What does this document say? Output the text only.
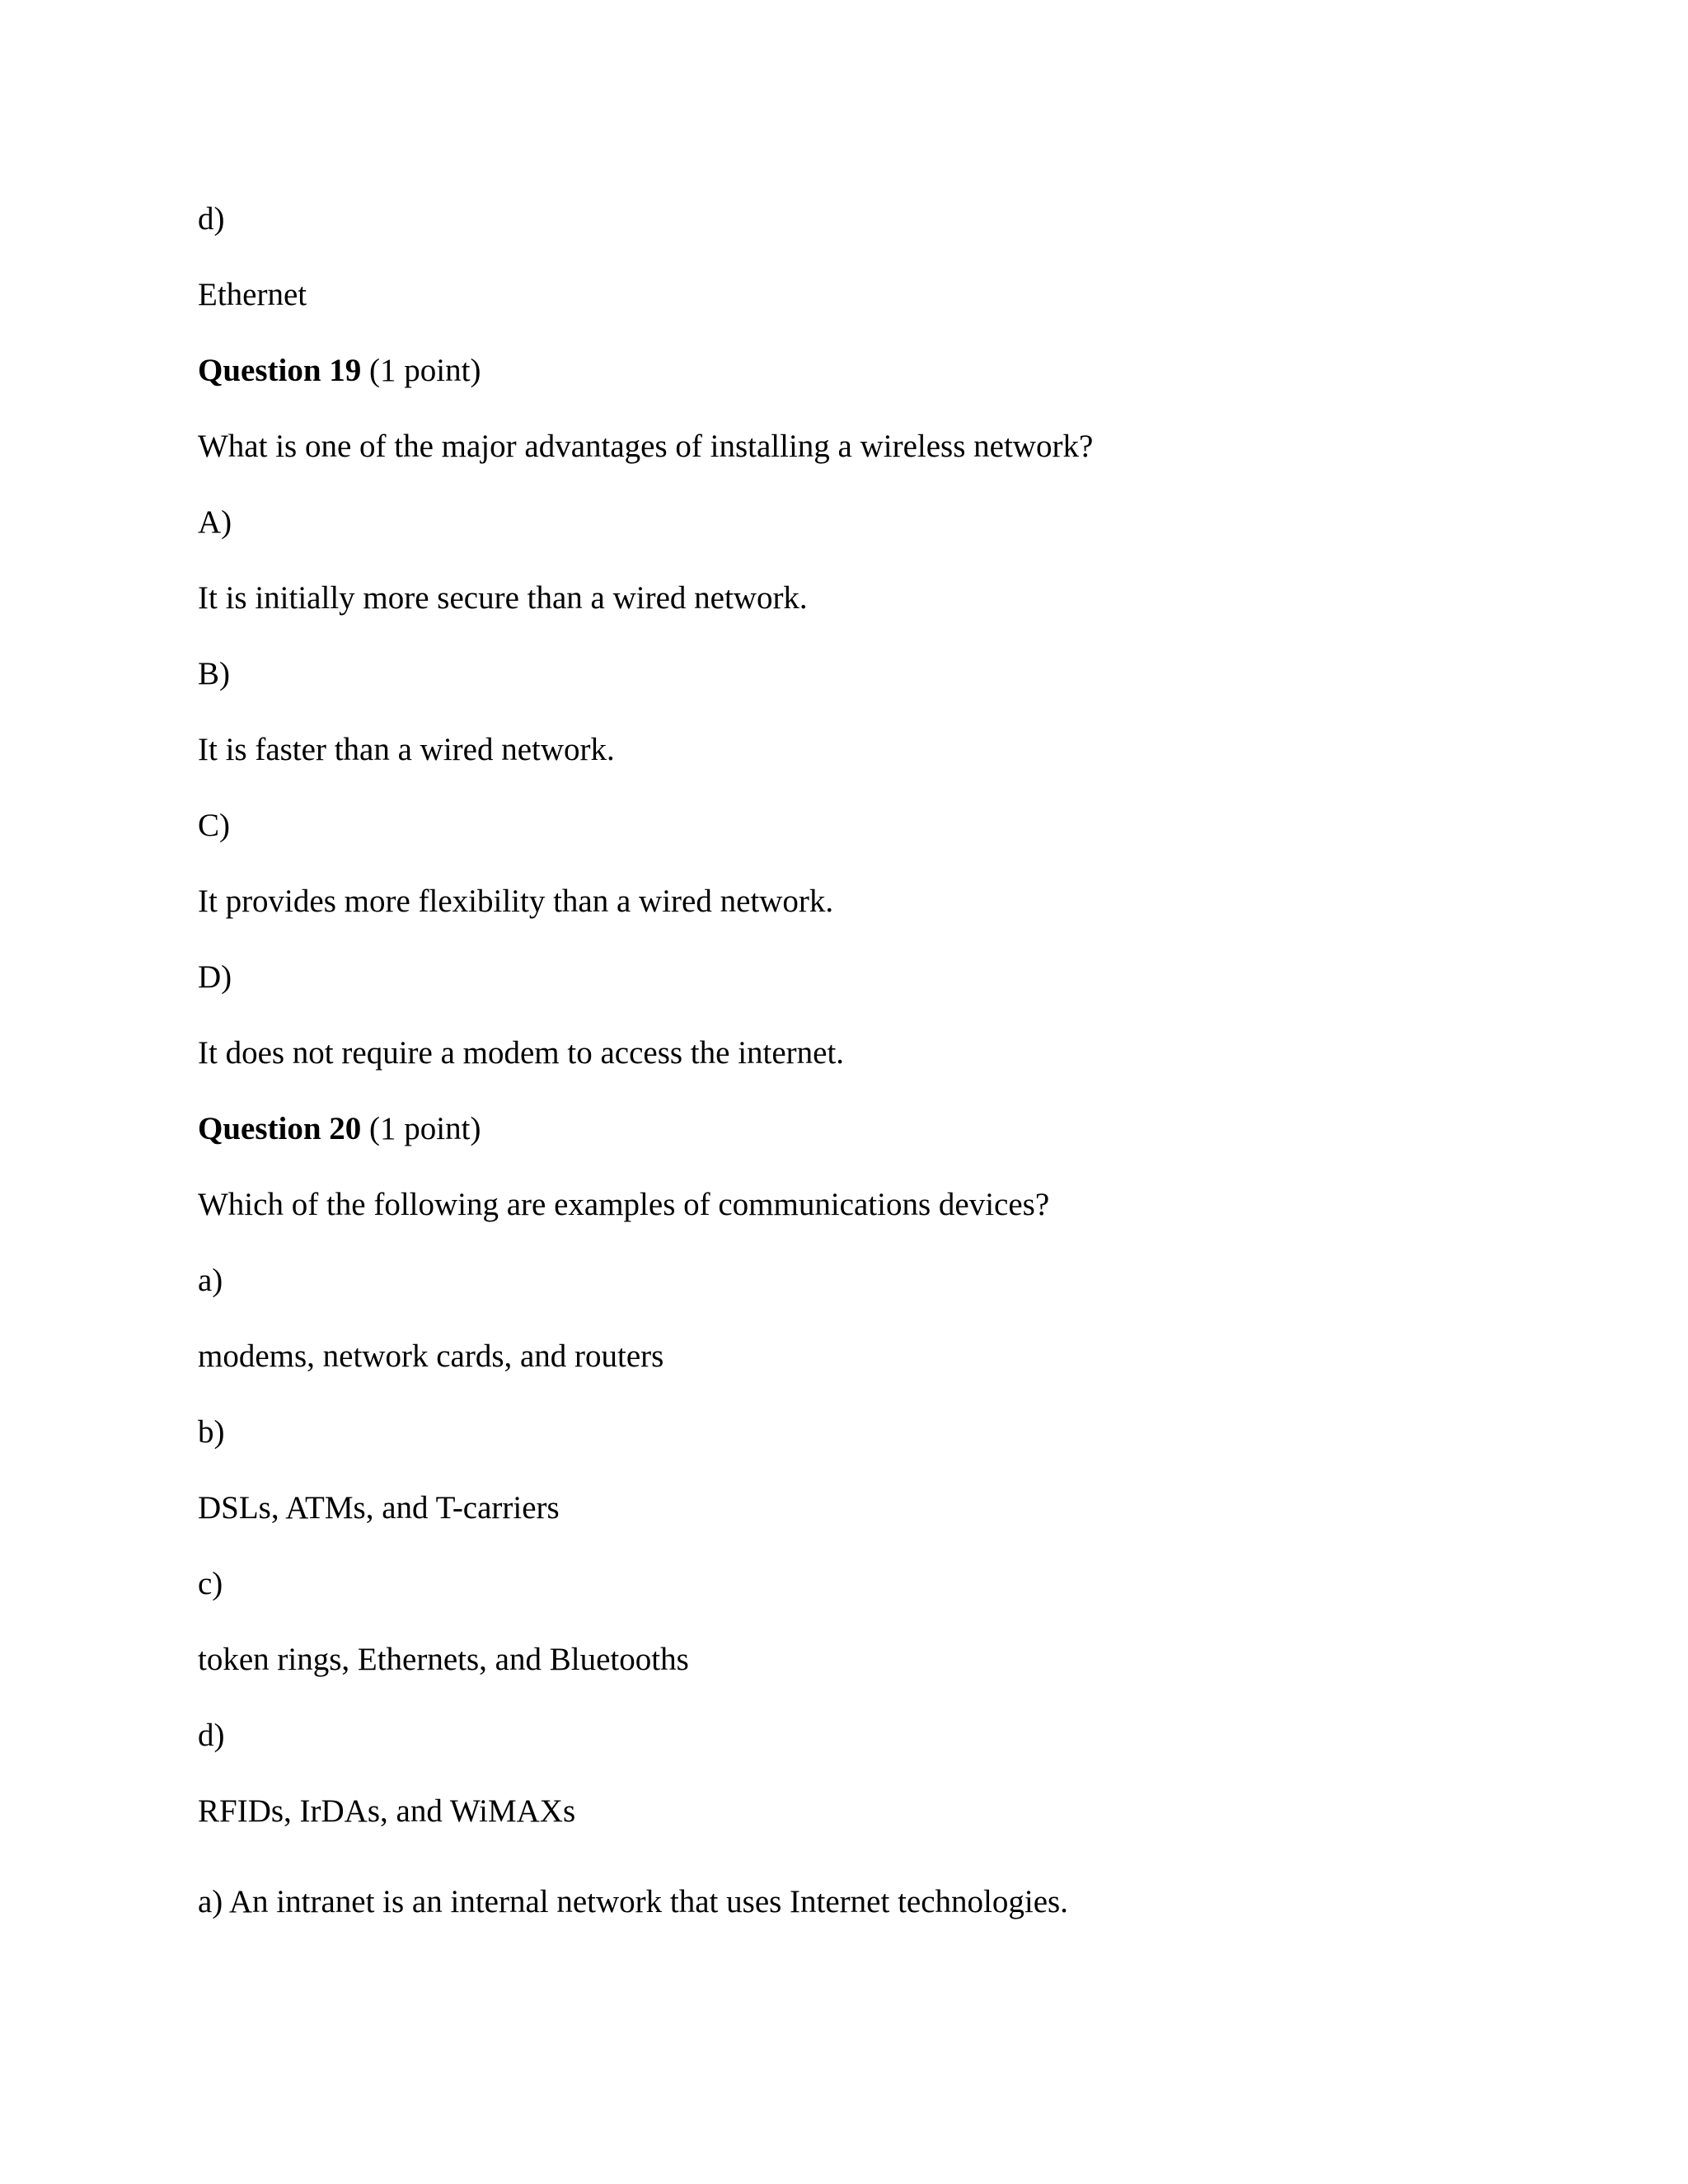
d)

Ethernet

Question 19 (1 point)

What is one of the major advantages of installing a wireless network?

A)

It is initially more secure than a wired network.

B)

It is faster than a wired network.

C)

It provides more flexibility than a wired network.

D)

It does not require a modem to access the internet.

Question 20 (1 point)

Which of the following are examples of communications devices?

a)

modems, network cards, and routers

b)

DSLs, ATMs, and T-carriers

c)

token rings, Ethernets, and Bluetooths

d)

RFIDs, IrDAs, and WiMAXs

a) An intranet is an internal network that uses Internet technologies.
